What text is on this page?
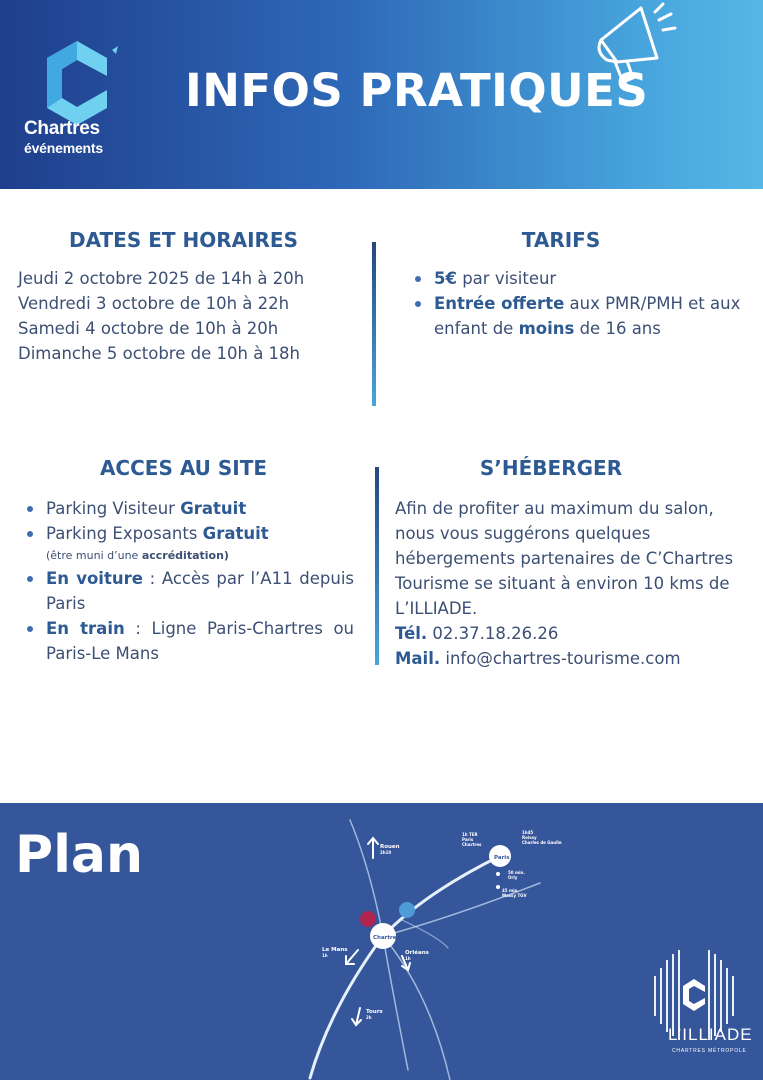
Chartres
événements
INFOS PRATIQUES
DATES ET HORAIRES
Jeudi 2 octobre 2025 de 14h à 20h
Vendredi 3 octobre de 10h à 22h
Samedi 4 octobre de 10h à 20h
Dimanche 5 octobre de 10h à 18h
TARIFS
5€ par visiteur
Entrée offerte aux PMR/PMH et aux enfant de moins de 16 ans
ACCES AU SITE
Parking Visiteur Gratuit
Parking Exposants Gratuit
(être muni d’une accréditation)
En voiture : Accès par l’A11 depuis Paris
En train : Ligne Paris-Chartres ou Paris-Le Mans
S’HÉBERGER
Afin de profiter au maximum du salon, nous vous suggérons quelques hébergements partenaires de C’Chartres Tourisme se situant à environ 10 kms de L’ILLIADE.
Tél. 02.37.18.26.26
Mail. info@chartres-tourisme.com
Plan	Paris
Chartres
Rouen
2h10
1h TER
Paris
Chartres
1h45
Roissy
Charles de Gaulle
50 min.
Orly
45 min.
Massy TGV
Le Mans
1h	Orléans
1h
Tours
2h
L’ILLIADE
CHARTRES MÉTROPOLE
